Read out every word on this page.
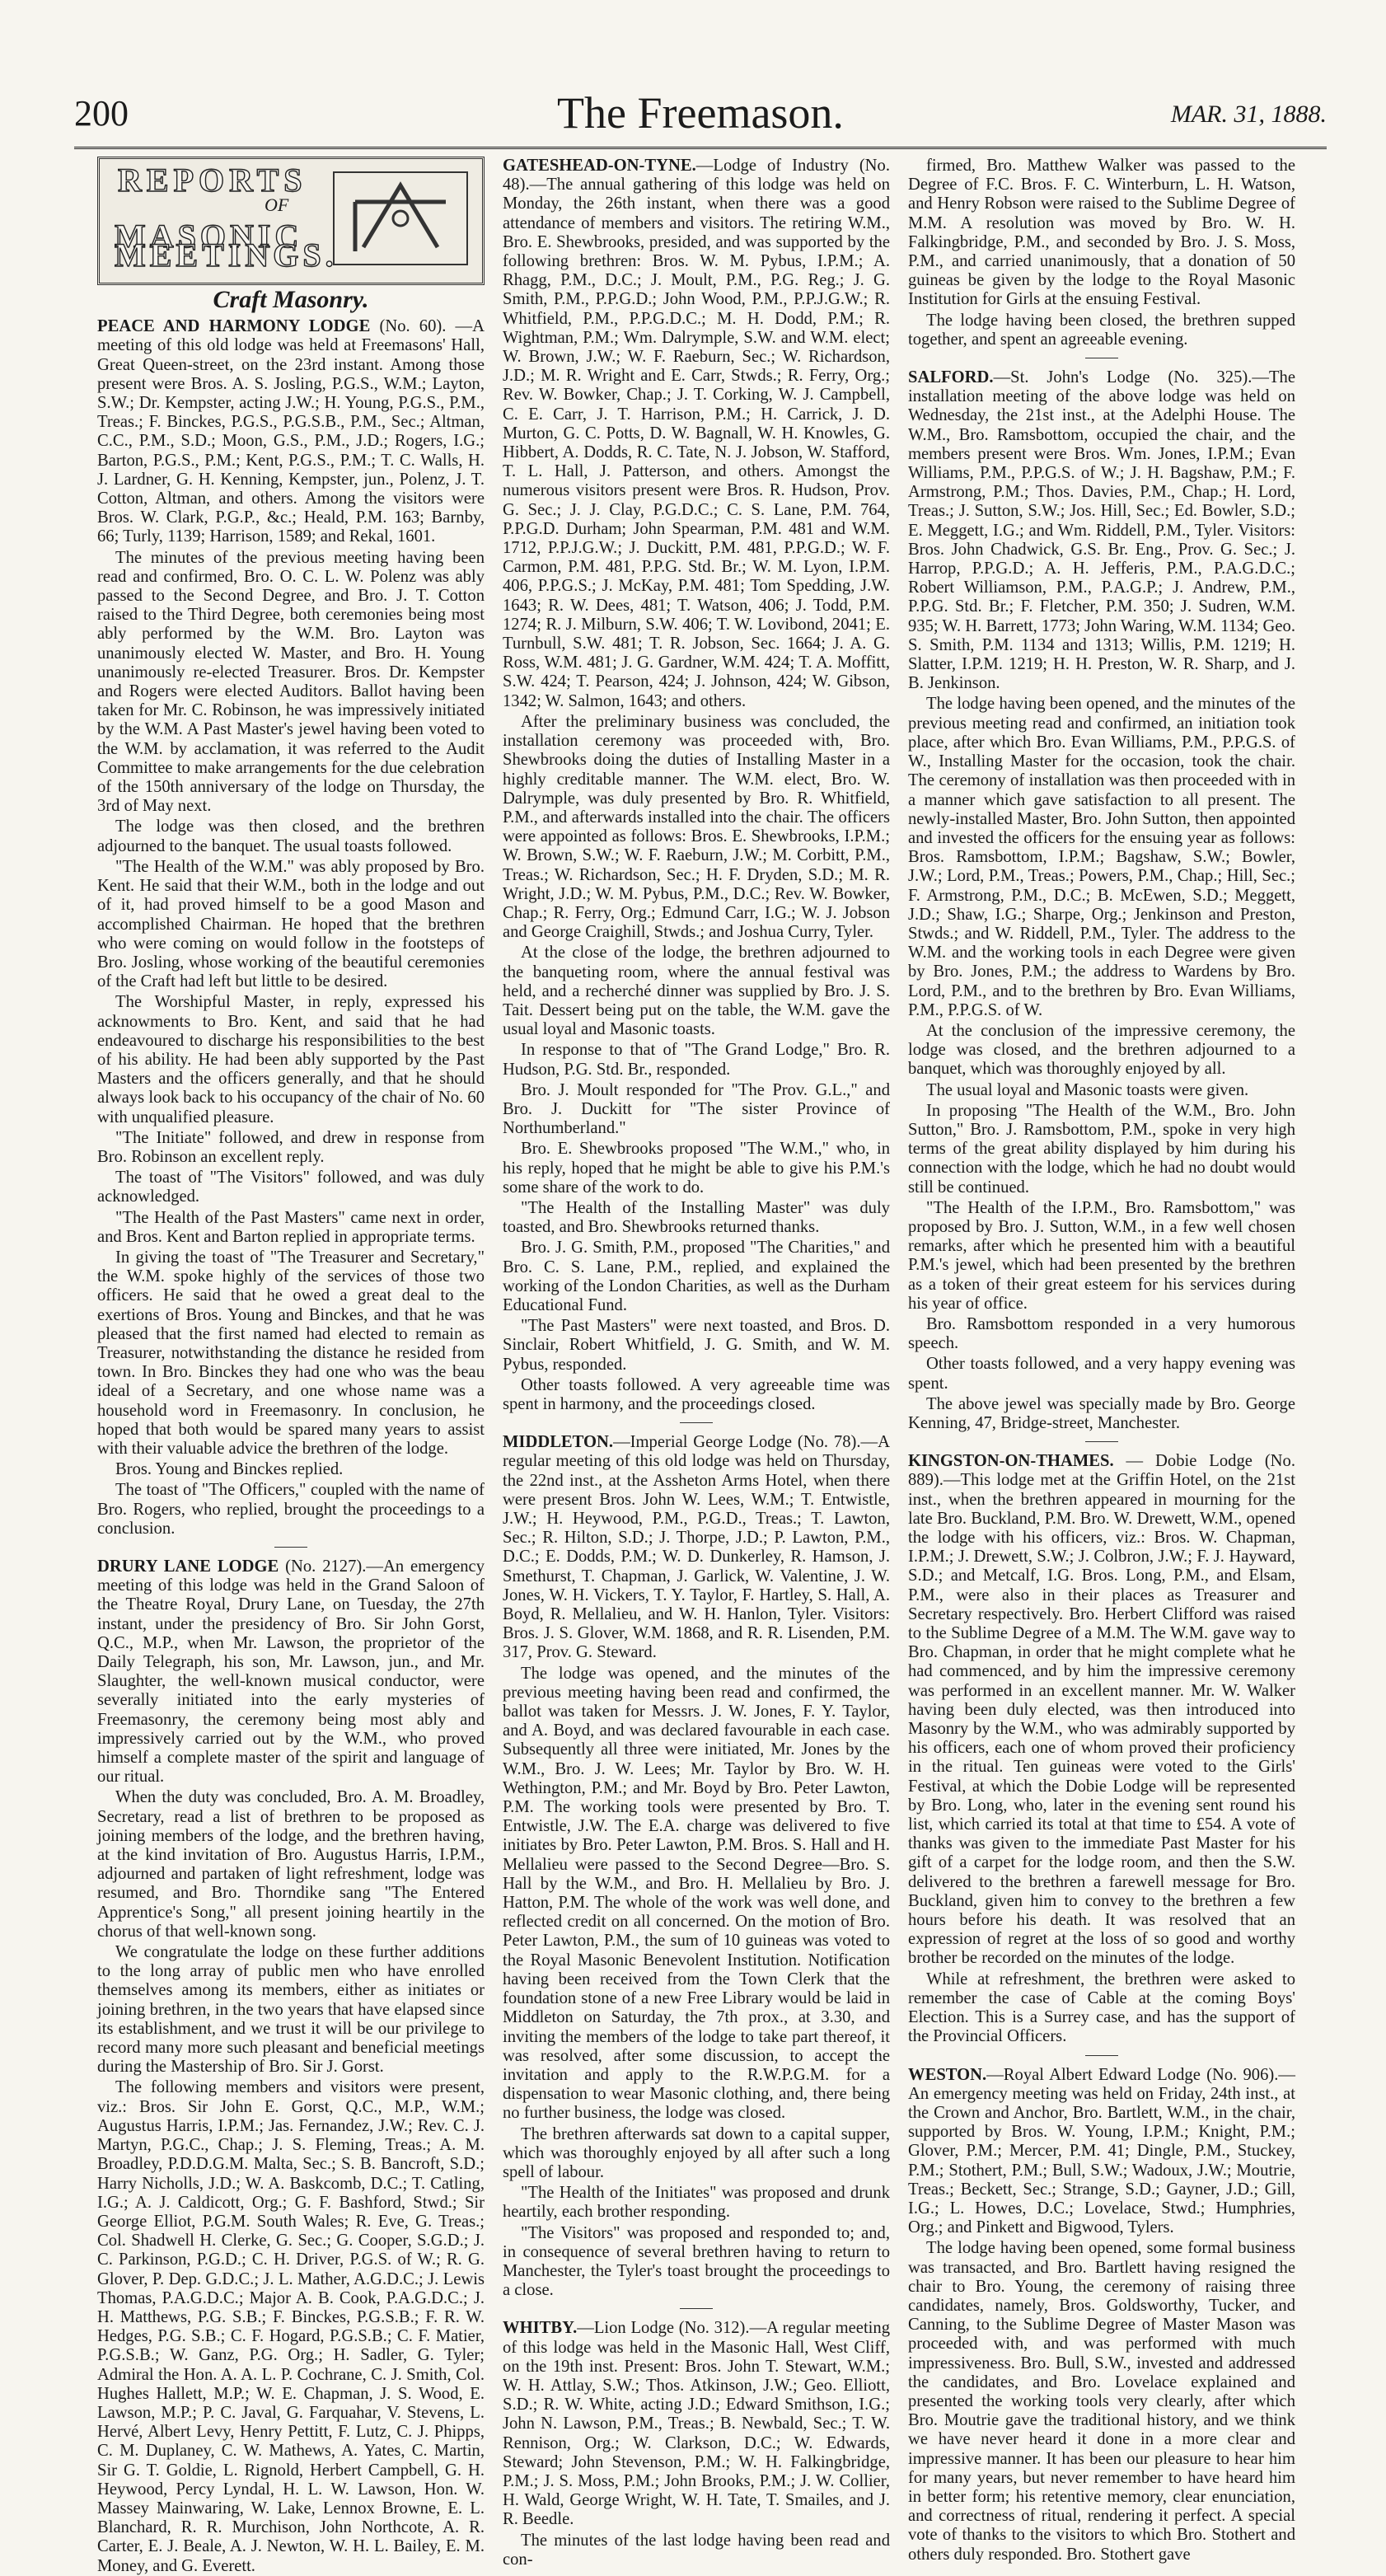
200	The Freemason.	MAR. 31, 1888.
REPORTS
OF
MASONIC MEETINGS.
Craft Masonry.

PEACE AND HARMONY LODGE (No. 60). —A meeting of this old lodge was held at Freemasons' Hall, Great Queen-street, on the 23rd instant. Among those present were Bros. A. S. Josling, P.G.S., W.M.; Layton, S.W.; Dr. Kempster, acting J.W.; H. Young, P.G.S., P.M., Treas.; F. Binckes, P.G.S., P.G.S.B., P.M., Sec.; Altman, C.C., P.M., S.D.; Moon, G.S., P.M., J.D.; Rogers, I.G.; Barton, P.G.S., P.M.; Kent, P.G.S., P.M.; T. C. Walls, H. J. Lardner, G. H. Kenning, Kempster, jun., Polenz, J. T. Cotton, Altman, and others. Among the visitors were Bros. W. Clark, P.G.P., &c.; Heald, P.M. 163; Barnby, 66; Turly, 1139; Harrison, 1589; and Rekal, 1601.

The minutes of the previous meeting having been read and confirmed, Bro. O. C. L. W. Polenz was ably passed to the Second Degree, and Bro. J. T. Cotton raised to the Third Degree, both ceremonies being most ably performed by the W.M. Bro. Layton was unanimously elected W. Master, and Bro. H. Young unanimously re-elected Treasurer. Bros. Dr. Kempster and Rogers were elected Auditors. Ballot having been taken for Mr. C. Robinson, he was impressively initiated by the W.M. A Past Master's jewel having been voted to the W.M. by acclamation, it was referred to the Audit Committee to make arrangements for the due celebration of the 150th anniversary of the lodge on Thursday, the 3rd of May next.

The lodge was then closed, and the brethren adjourned to the banquet. The usual toasts followed.

"The Health of the W.M." was ably proposed by Bro. Kent. He said that their W.M., both in the lodge and out of it, had proved himself to be a good Mason and accomplished Chairman. He hoped that the brethren who were coming on would follow in the footsteps of Bro. Josling, whose working of the beautiful ceremonies of the Craft had left but little to be desired.

The Worshipful Master, in reply, expressed his acknowments to Bro. Kent, and said that he had endeavoured to discharge his responsibilities to the best of his ability. He had been ably supported by the Past Masters and the officers generally, and that he should always look back to his occupancy of the chair of No. 60 with unqualified pleasure.

"The Initiate" followed, and drew in response from Bro. Robinson an excellent reply.

The toast of "The Visitors" followed, and was duly acknowledged.

"The Health of the Past Masters" came next in order, and Bros. Kent and Barton replied in appropriate terms.

In giving the toast of "The Treasurer and Secretary," the W.M. spoke highly of the services of those two officers. He said that he owed a great deal to the exertions of Bros. Young and Binckes, and that he was pleased that the first named had elected to remain as Treasurer, notwithstanding the distance he resided from town. In Bro. Binckes they had one who was the beau ideal of a Secretary, and one whose name was a household word in Freemasonry. In conclusion, he hoped that both would be spared many years to assist with their valuable advice the brethren of the lodge.

Bros. Young and Binckes replied.

The toast of "The Officers," coupled with the name of Bro. Rogers, who replied, brought the proceedings to a conclusion.

DRURY LANE LODGE (No. 2127).—An emergency meeting of this lodge was held in the Grand Saloon of the Theatre Royal, Drury Lane, on Tuesday, the 27th instant, under the presidency of Bro. Sir John Gorst, Q.C., M.P., when Mr. Lawson, the proprietor of the Daily Telegraph, his son, Mr. Lawson, jun., and Mr. Slaughter, the well-known musical conductor, were severally initiated into the early mysteries of Freemasonry, the ceremony being most ably and impressively carried out by the W.M., who proved himself a complete master of the spirit and language of our ritual.

When the duty was concluded, Bro. A. M. Broadley, Secretary, read a list of brethren to be proposed as joining members of the lodge, and the brethren having, at the kind invitation of Bro. Augustus Harris, I.P.M., adjourned and partaken of light refreshment, lodge was resumed, and Bro. Thorndike sang "The Entered Apprentice's Song," all present joining heartily in the chorus of that well-known song.

We congratulate the lodge on these further additions to the long array of public men who have enrolled themselves among its members, either as initiates or joining brethren, in the two years that have elapsed since its establishment, and we trust it will be our privilege to record many more such pleasant and beneficial meetings during the Mastership of Bro. Sir J. Gorst.

The following members and visitors were present, viz.: Bros. Sir John E. Gorst, Q.C., M.P., W.M.; Augustus Harris, I.P.M.; Jas. Fernandez, J.W.; Rev. C. J. Martyn, P.G.C., Chap.; J. S. Fleming, Treas.; A. M. Broadley, P.D.D.G.M. Malta, Sec.; S. B. Bancroft, S.D.; Harry Nicholls, J.D.; W. A. Baskcomb, D.C.; T. Catling, I.G.; A. J. Caldicott, Org.; G. F. Bashford, Stwd.; Sir George Elliot, P.G.M. South Wales; R. Eve, G. Treas.; Col. Shadwell H. Clerke, G. Sec.; G. Cooper, S.G.D.; J. C. Parkinson, P.G.D.; C. H. Driver, P.G.S. of W.; R. G. Glover, P. Dep. G.D.C.; J. L. Mather, A.G.D.C.; J. Lewis Thomas, P.A.G.D.C.; Major A. B. Cook, P.A.G.D.C.; J. H. Matthews, P.G. S.B.; F. Binckes, P.G.S.B.; F. R. W. Hedges, P.G. S.B.; C. F. Hogard, P.G.S.B.; C. F. Matier, P.G.S.B.; W. Ganz, P.G. Org.; H. Sadler, G. Tyler; Admiral the Hon. A. A. L. P. Cochrane, C. J. Smith, Col. Hughes Hallett, M.P.; W. E. Chapman, J. S. Wood, E. Lawson, M.P.; P. C. Javal, G. Farquahar, V. Stevens, L. Hervé, Albert Levy, Henry Pettitt, F. Lutz, C. J. Phipps, C. M. Duplaney, C. W. Mathews, A. Yates, C. Martin, Sir G. T. Goldie, L. Rignold, Herbert Campbell, G. H. Heywood, Percy Lyndal, H. L. W. Lawson, Hon. W. Massey Mainwaring, W. Lake, Lennox Browne, E. L. Blanchard, R. R. Murchison, John Northcote, A. R. Carter, E. J. Beale, A. J. Newton, W. H. L. Bailey, E. M. Money, and G. Everett.

GATESHEAD-ON-TYNE.—Lodge of Industry (No. 48).—The annual gathering of this lodge was held on Monday, the 26th instant, when there was a good attendance of members and visitors. The retiring W.M., Bro. E. Shewbrooks, presided, and was supported by the following brethren: Bros. W. M. Pybus, I.P.M.; A. Rhagg, P.M., D.C.; J. Moult, P.M., P.G. Reg.; J. G. Smith, P.M., P.P.G.D.; John Wood, P.M., P.P.J.G.W.; R. Whitfield, P.M., P.P.G.D.C.; M. H. Dodd, P.M.; R. Wightman, P.M.; Wm. Dalrymple, S.W. and W.M. elect; W. Brown, J.W.; W. F. Raeburn, Sec.; W. Richardson, J.D.; M. R. Wright and E. Carr, Stwds.; R. Ferry, Org.; Rev. W. Bowker, Chap.; J. T. Corking, W. J. Campbell, C. E. Carr, J. T. Harrison, P.M.; H. Carrick, J. D. Murton, G. C. Potts, D. W. Bagnall, W. H. Knowles, G. Hibbert, A. Dodds, R. C. Tate, N. J. Jobson, W. Stafford, T. L. Hall, J. Patterson, and others. Amongst the numerous visitors present were Bros. R. Hudson, Prov. G. Sec.; J. J. Clay, P.G.D.C.; C. S. Lane, P.M. 764, P.P.G.D. Durham; John Spearman, P.M. 481 and W.M. 1712, P.P.J.G.W.; J. Duckitt, P.M. 481, P.P.G.D.; W. F. Carmon, P.M. 481, P.P.G. Std. Br.; W. M. Lyon, I.P.M. 406, P.P.G.S.; J. McKay, P.M. 481; Tom Spedding, J.W. 1643; R. W. Dees, 481; T. Watson, 406; J. Todd, P.M. 1274; R. J. Milburn, S.W. 406; T. W. Lovibond, 2041; E. Turnbull, S.W. 481; T. R. Jobson, Sec. 1664; J. A. G. Ross, W.M. 481; J. G. Gardner, W.M. 424; T. A. Moffitt, S.W. 424; T. Pearson, 424; J. Johnson, 424; W. Gibson, 1342; W. Salmon, 1643; and others.

After the preliminary business was concluded, the installation ceremony was proceeded with, Bro. Shewbrooks doing the duties of Installing Master in a highly creditable manner. The W.M. elect, Bro. W. Dalrymple, was duly presented by Bro. R. Whitfield, P.M., and afterwards installed into the chair. The officers were appointed as follows: Bros. E. Shewbrooks, I.P.M.; W. Brown, S.W.; W. F. Raeburn, J.W.; M. Corbitt, P.M., Treas.; W. Richardson, Sec.; H. F. Dryden, S.D.; M. R. Wright, J.D.; W. M. Pybus, P.M., D.C.; Rev. W. Bowker, Chap.; R. Ferry, Org.; Edmund Carr, I.G.; W. J. Jobson and George Craighill, Stwds.; and Joshua Curry, Tyler.

At the close of the lodge, the brethren adjourned to the banqueting room, where the annual festival was held, and a recherché dinner was supplied by Bro. J. S. Tait. Dessert being put on the table, the W.M. gave the usual loyal and Masonic toasts.

In response to that of "The Grand Lodge," Bro. R. Hudson, P.G. Std. Br., responded.

Bro. J. Moult responded for "The Prov. G.L.," and Bro. J. Duckitt for "The sister Province of Northumberland."

Bro. E. Shewbrooks proposed "The W.M.," who, in his reply, hoped that he might be able to give his P.M.'s some share of the work to do.

"The Health of the Installing Master" was duly toasted, and Bro. Shewbrooks returned thanks.

Bro. J. G. Smith, P.M., proposed "The Charities," and Bro. C. S. Lane, P.M., replied, and explained the working of the London Charities, as well as the Durham Educational Fund.

"The Past Masters" were next toasted, and Bros. D. Sinclair, Robert Whitfield, J. G. Smith, and W. M. Pybus, responded.

Other toasts followed. A very agreeable time was spent in harmony, and the proceedings closed.

MIDDLETON.—Imperial George Lodge (No. 78).—A regular meeting of this old lodge was held on Thursday, the 22nd inst., at the Assheton Arms Hotel, when there were present Bros. John W. Lees, W.M.; T. Entwistle, J.W.; H. Heywood, P.M., P.G.D., Treas.; T. Lawton, Sec.; R. Hilton, S.D.; J. Thorpe, J.D.; P. Lawton, P.M., D.C.; E. Dodds, P.M.; W. D. Dunkerley, R. Hamson, J. Smethurst, T. Chapman, J. Garlick, W. Valentine, J. W. Jones, W. H. Vickers, T. Y. Taylor, F. Hartley, S. Hall, A. Boyd, R. Mellalieu, and W. H. Hanlon, Tyler. Visitors: Bros. J. S. Glover, W.M. 1868, and R. R. Lisenden, P.M. 317, Prov. G. Steward.

The lodge was opened, and the minutes of the previous meeting having been read and confirmed, the ballot was taken for Messrs. J. W. Jones, F. Y. Taylor, and A. Boyd, and was declared favourable in each case. Subsequently all three were initiated, Mr. Jones by the W.M., Bro. J. W. Lees; Mr. Taylor by Bro. W. H. Wethington, P.M.; and Mr. Boyd by Bro. Peter Lawton, P.M. The working tools were presented by Bro. T. Entwistle, J.W. The E.A. charge was delivered to five initiates by Bro. Peter Lawton, P.M. Bros. S. Hall and H. Mellalieu were passed to the Second Degree—Bro. S. Hall by the W.M., and Bro. H. Mellalieu by Bro. J. Hatton, P.M. The whole of the work was well done, and reflected credit on all concerned. On the motion of Bro. Peter Lawton, P.M., the sum of 10 guineas was voted to the Royal Masonic Benevolent Institution. Notification having been received from the Town Clerk that the foundation stone of a new Free Library would be laid in Middleton on Saturday, the 7th prox., at 3.30, and inviting the members of the lodge to take part thereof, it was resolved, after some discussion, to accept the invitation and apply to the R.W.P.G.M. for a dispensation to wear Masonic clothing, and, there being no further business, the lodge was closed.

The brethren afterwards sat down to a capital supper, which was thoroughly enjoyed by all after such a long spell of labour.

"The Health of the Initiates" was proposed and drunk heartily, each brother responding.

"The Visitors" was proposed and responded to; and, in consequence of several brethren having to return to Manchester, the Tyler's toast brought the proceedings to a close.

WHITBY.—Lion Lodge (No. 312).—A regular meeting of this lodge was held in the Masonic Hall, West Cliff, on the 19th inst. Present: Bros. John T. Stewart, W.M.; W. H. Attlay, S.W.; Thos. Atkinson, J.W.; Geo. Elliott, S.D.; R. W. White, acting J.D.; Edward Smithson, I.G.; John N. Lawson, P.M., Treas.; B. Newbald, Sec.; T. W. Rennison, Org.; W. Clarkson, D.C.; W. Edwards, Steward; John Stevenson, P.M.; W. H. Falkingbridge, P.M.; J. S. Moss, P.M.; John Brooks, P.M.; J. W. Collier, H. Wald, George Wright, W. H. Tate, T. Smailes, and J. R. Beedle.

The minutes of the last lodge having been read and con-

firmed, Bro. Matthew Walker was passed to the Degree of F.C. Bros. F. C. Winterburn, L. H. Watson, and Henry Robson were raised to the Sublime Degree of M.M. A resolution was moved by Bro. W. H. Falkingbridge, P.M., and seconded by Bro. J. S. Moss, P.M., and carried unanimously, that a donation of 50 guineas be given by the lodge to the Royal Masonic Institution for Girls at the ensuing Festival.

The lodge having been closed, the brethren supped together, and spent an agreeable evening.

SALFORD.—St. John's Lodge (No. 325).—The installation meeting of the above lodge was held on Wednesday, the 21st inst., at the Adelphi House. The W.M., Bro. Ramsbottom, occupied the chair, and the members present were Bros. Wm. Jones, I.P.M.; Evan Williams, P.M., P.P.G.S. of W.; J. H. Bagshaw, P.M.; F. Armstrong, P.M.; Thos. Davies, P.M., Chap.; H. Lord, Treas.; J. Sutton, S.W.; Jos. Hill, Sec.; Ed. Bowler, S.D.; E. Meggett, I.G.; and Wm. Riddell, P.M., Tyler. Visitors: Bros. John Chadwick, G.S. Br. Eng., Prov. G. Sec.; J. Harrop, P.P.G.D.; A. H. Jefferis, P.M., P.A.G.D.C.; Robert Williamson, P.M., P.A.G.P.; J. Andrew, P.M., P.P.G. Std. Br.; F. Fletcher, P.M. 350; J. Sudren, W.M. 935; W. H. Barrett, 1773; John Waring, W.M. 1134; Geo. S. Smith, P.M. 1134 and 1313; Willis, P.M. 1219; H. Slatter, I.P.M. 1219; H. H. Preston, W. R. Sharp, and J. B. Jenkinson.

The lodge having been opened, and the minutes of the previous meeting read and confirmed, an initiation took place, after which Bro. Evan Williams, P.M., P.P.G.S. of W., Installing Master for the occasion, took the chair. The ceremony of installation was then proceeded with in a manner which gave satisfaction to all present. The newly-installed Master, Bro. John Sutton, then appointed and invested the officers for the ensuing year as follows: Bros. Ramsbottom, I.P.M.; Bagshaw, S.W.; Bowler, J.W.; Lord, P.M., Treas.; Powers, P.M., Chap.; Hill, Sec.; F. Armstrong, P.M., D.C.; B. McEwen, S.D.; Meggett, J.D.; Shaw, I.G.; Sharpe, Org.; Jenkinson and Preston, Stwds.; and W. Riddell, P.M., Tyler. The address to the W.M. and the working tools in each Degree were given by Bro. Jones, P.M.; the address to Wardens by Bro. Lord, P.M., and to the brethren by Bro. Evan Williams, P.M., P.P.G.S. of W.

At the conclusion of the impressive ceremony, the lodge was closed, and the brethren adjourned to a banquet, which was thoroughly enjoyed by all.

The usual loyal and Masonic toasts were given.

In proposing "The Health of the W.M., Bro. John Sutton," Bro. J. Ramsbottom, P.M., spoke in very high terms of the great ability displayed by him during his connection with the lodge, which he had no doubt would still be continued.

"The Health of the I.P.M., Bro. Ramsbottom," was proposed by Bro. J. Sutton, W.M., in a few well chosen remarks, after which he presented him with a beautiful P.M.'s jewel, which had been presented by the brethren as a token of their great esteem for his services during his year of office.

Bro. Ramsbottom responded in a very humorous speech.

Other toasts followed, and a very happy evening was spent.

The above jewel was specially made by Bro. George Kenning, 47, Bridge-street, Manchester.

KINGSTON-ON-THAMES. — Dobie Lodge (No. 889).—This lodge met at the Griffin Hotel, on the 21st inst., when the brethren appeared in mourning for the late Bro. Buckland, P.M. Bro. W. Drewett, W.M., opened the lodge with his officers, viz.: Bros. W. Chapman, I.P.M.; J. Drewett, S.W.; J. Colbron, J.W.; F. J. Hayward, S.D.; and Metcalf, I.G. Bros. Long, P.M., and Elsam, P.M., were also in their places as Treasurer and Secretary respectively. Bro. Herbert Clifford was raised to the Sublime Degree of a M.M. The W.M. gave way to Bro. Chapman, in order that he might complete what he had commenced, and by him the impressive ceremony was performed in an excellent manner. Mr. W. Walker having been duly elected, was then introduced into Masonry by the W.M., who was admirably supported by his officers, each one of whom proved their proficiency in the ritual. Ten guineas were voted to the Girls' Festival, at which the Dobie Lodge will be represented by Bro. Long, who, later in the evening sent round his list, which carried its total at that time to £54. A vote of thanks was given to the immediate Past Master for his gift of a carpet for the lodge room, and then the S.W. delivered to the brethren a farewell message for Bro. Buckland, given him to convey to the brethren a few hours before his death. It was resolved that an expression of regret at the loss of so good and worthy brother be recorded on the minutes of the lodge.

While at refreshment, the brethren were asked to remember the case of Cable at the coming Boys' Election. This is a Surrey case, and has the support of the Provincial Officers.

WESTON.—Royal Albert Edward Lodge (No. 906).—An emergency meeting was held on Friday, 24th inst., at the Crown and Anchor, Bro. Bartlett, W.M., in the chair, supported by Bros. W. Young, I.P.M.; Knight, P.M.; Glover, P.M.; Mercer, P.M. 41; Dingle, P.M., Stuckey, P.M.; Stothert, P.M.; Bull, S.W.; Wadoux, J.W.; Moutrie, Treas.; Beckett, Sec.; Strange, S.D.; Gayner, J.D.; Gill, I.G.; L. Howes, D.C.; Lovelace, Stwd.; Humphries, Org.; and Pinkett and Bigwood, Tylers.

The lodge having been opened, some formal business was transacted, and Bro. Bartlett having resigned the chair to Bro. Young, the ceremony of raising three candidates, namely, Bros. Goldsworthy, Tucker, and Canning, to the Sublime Degree of Master Mason was proceeded with, and was performed with much impressiveness. Bro. Bull, S.W., invested and addressed the candidates, and Bro. Lovelace explained and presented the working tools very clearly, after which Bro. Moutrie gave the traditional history, and we think we have never heard it done in a more clear and impressive manner. It has been our pleasure to hear him for many years, but never remember to have heard him in better form; his retentive memory, clear enunciation, and correctness of ritual, rendering it perfect. A special vote of thanks to the visitors to which Bro. Stothert and others duly responded. Bro. Stothert gave
